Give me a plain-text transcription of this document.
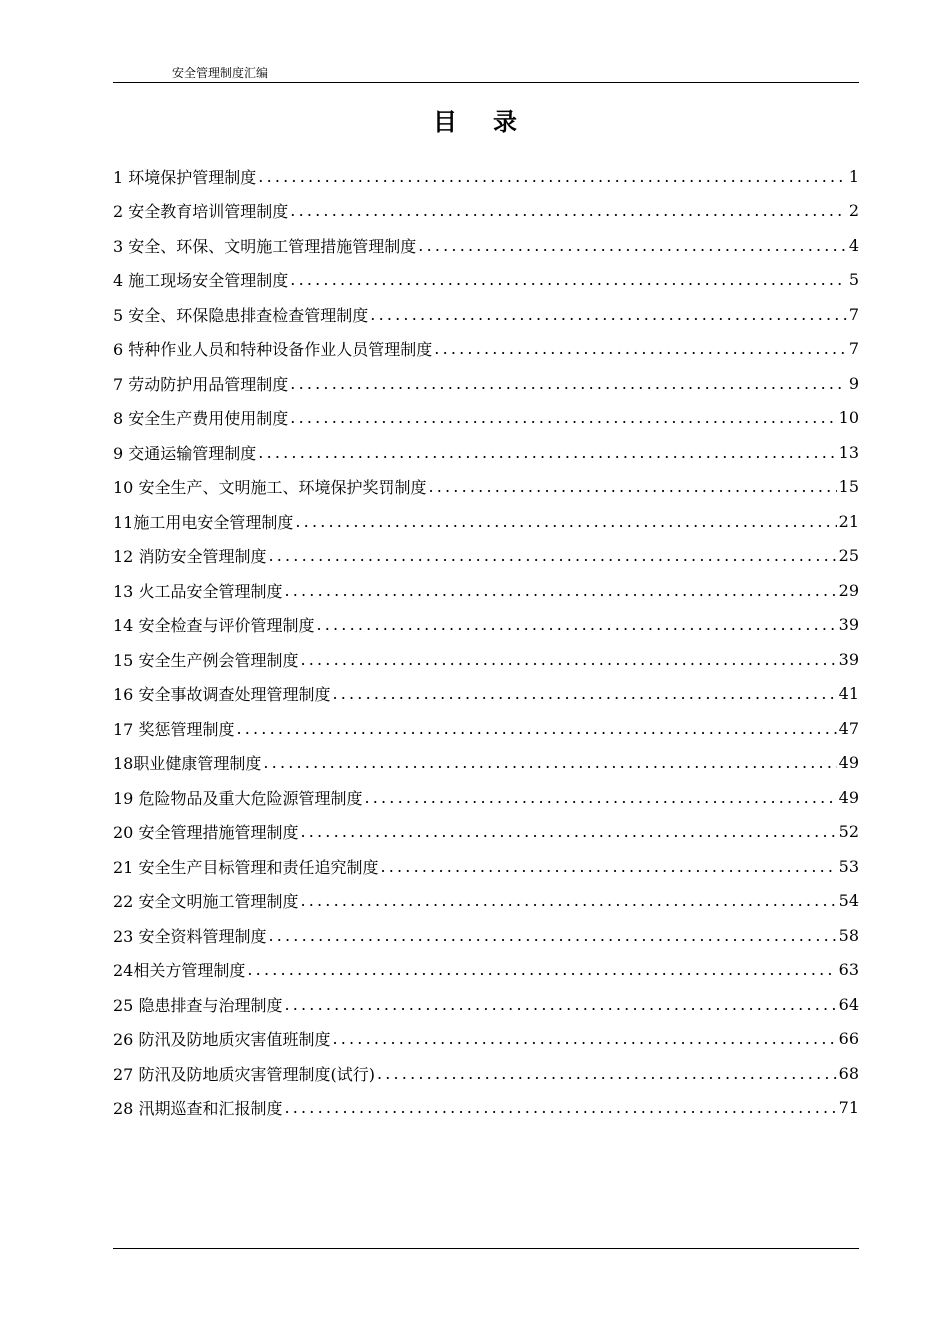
安全管理制度汇编
目录
1 环境保护管理制度 .....	1
2 安全教育培训管理制度 .....	2
3 安全、环保、文明施工管理措施管理制度 .....	4
4 施工现场安全管理制度 .....	5
5 安全、环保隐患排查检查管理制度 .....	7
6 特种作业人员和特种设备作业人员管理制度 .....	7
7 劳动防护用品管理制度 .....	9
8 安全生产费用使用制度 .....	10
9 交通运输管理制度 .....	13
10 安全生产、文明施工、环境保护奖罚制度 .....	15
11施工用电安全管理制度 .....	21
12 消防安全管理制度 .....	25
13 火工品安全管理制度 .....	29
14 安全检查与评价管理制度 .....	39
15 安全生产例会管理制度 .....	39
16 安全事故调查处理管理制度 .....	41
17 奖惩管理制度 .....	47
18职业健康管理制度 .....	49
19 危险物品及重大危险源管理制度 .....	49
20 安全管理措施管理制度 .....	52
21 安全生产目标管理和责任追究制度 .....	53
22 安全文明施工管理制度 .....	54
23 安全资料管理制度 .....	58
24相关方管理制度 .....	63
25 隐患排查与治理制度 .....	64
26 防汛及防地质灾害值班制度 .....	66
27 防汛及防地质灾害管理制度(试行) .....	68
28 汛期巡查和汇报制度 .....	71
